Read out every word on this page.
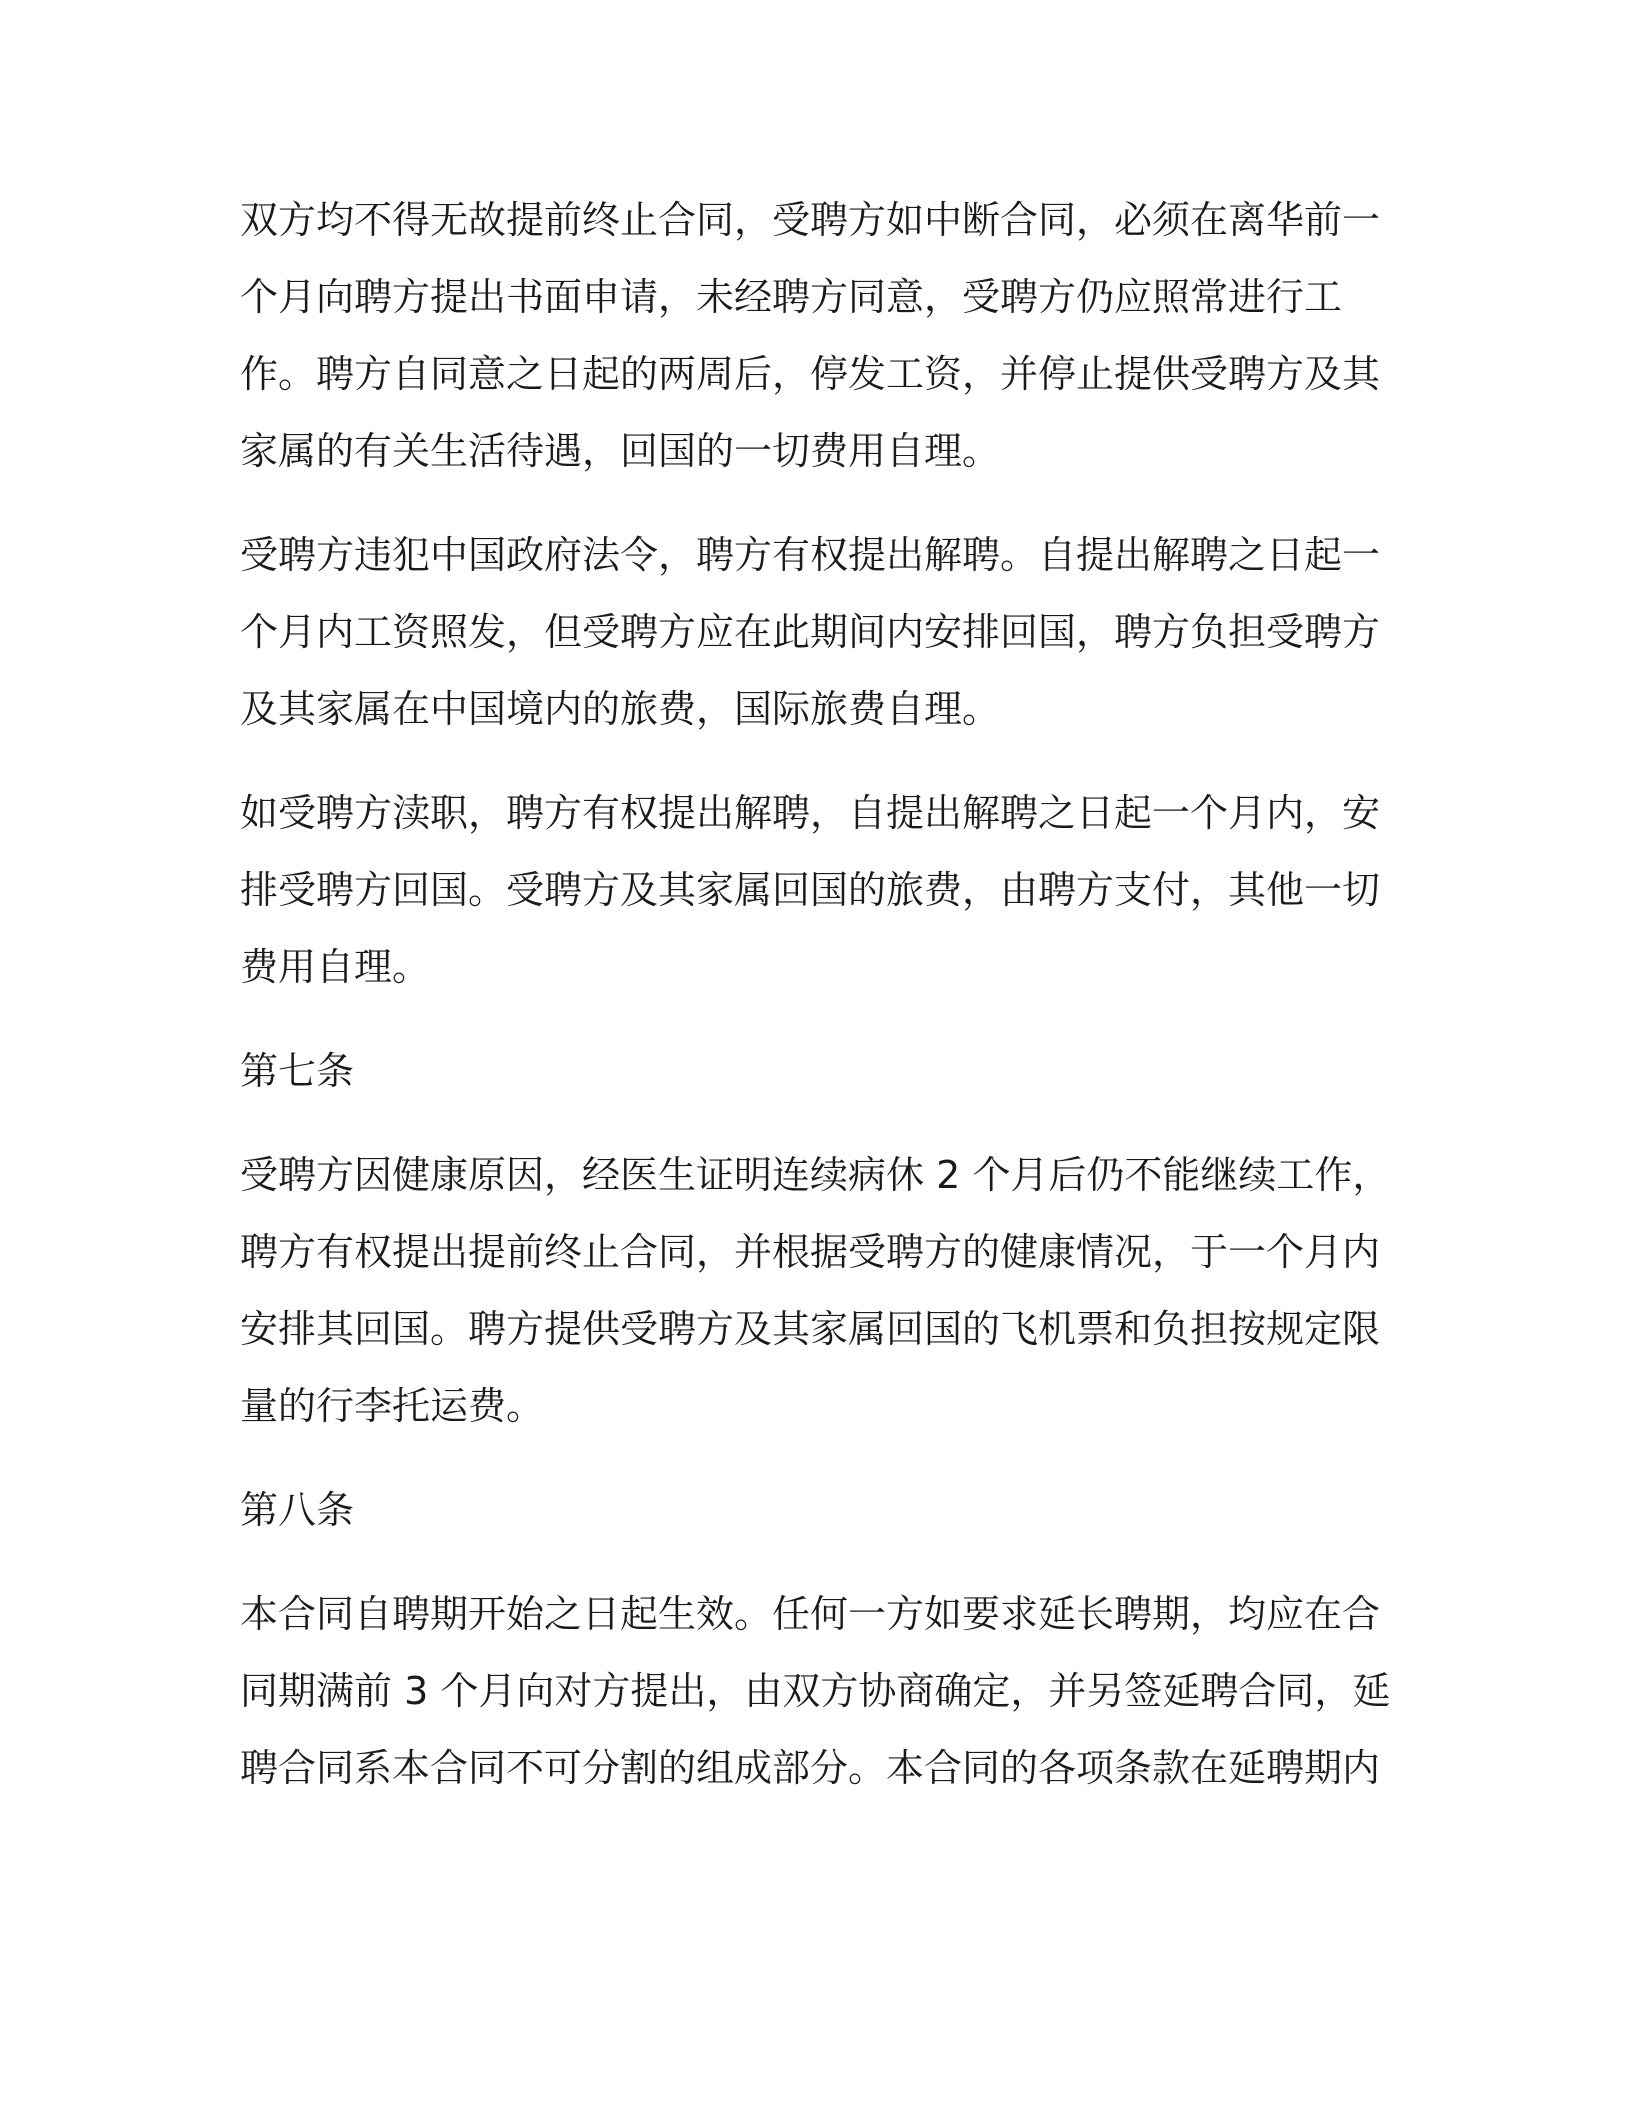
双方均不得无故提前终止合同，受聘方如中断合同，必须在离华前一个月向聘方提出书面申请，未经聘方同意，受聘方仍应照常进行工作。聘方自同意之日起的两周后，停发工资，并停止提供受聘方及其家属的有关生活待遇，回国的一切费用自理。

受聘方违犯中国政府法令，聘方有权提出解聘。自提出解聘之日起一个月内工资照发，但受聘方应在此期间内安排回国，聘方负担受聘方及其家属在中国境内的旅费，国际旅费自理。

如受聘方渎职，聘方有权提出解聘，自提出解聘之日起一个月内，安排受聘方回国。受聘方及其家属回国的旅费，由聘方支付，其他一切费用自理。

第七条

受聘方因健康原因，经医生证明连续病休 2 个月后仍不能继续工作，聘方有权提出提前终止合同，并根据受聘方的健康情况，于一个月内安排其回国。聘方提供受聘方及其家属回国的飞机票和负担按规定限量的行李托运费。

第八条

本合同自聘期开始之日起生效。任何一方如要求延长聘期，均应在合同期满前 3 个月向对方提出，由双方协商确定，并另签延聘合同，延聘合同系本合同不可分割的组成部分。本合同的各项条款在延聘期内
